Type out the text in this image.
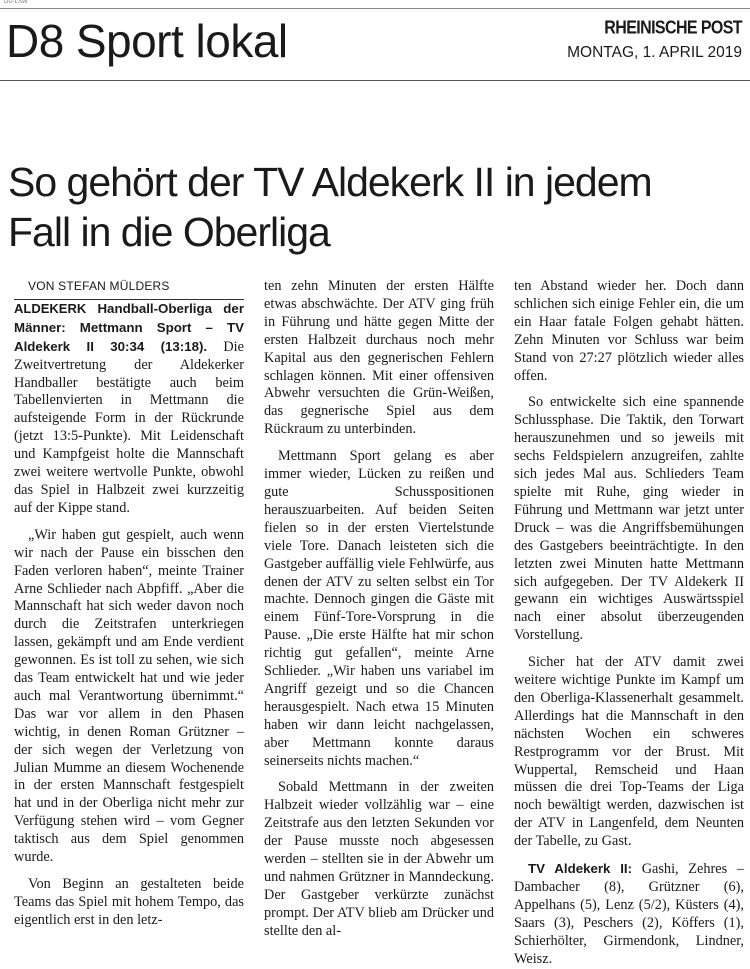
DÜ-LSW
D8 Sport lokal	RHEINISCHE POST
MONTAG, 1. APRIL 2019
So gehört der TV Aldekerk II in jedem Fall in die Oberliga

VON STEFAN MÜLDERS

ALDEKERK Handball-Oberliga der Männer: Mettmann Sport – TV Aldekerk II 30:34 (13:18). Die Zweitvertretung der Aldekerker Handballer bestätigte auch beim Tabellenvierten in Mettmann die aufsteigende Form in der Rückrunde (jetzt 13:5-Punkte). Mit Leidenschaft und Kampfgeist holte die Mannschaft zwei weitere wertvolle Punkte, obwohl das Spiel in Halbzeit zwei kurzzeitig auf der Kippe stand.

„Wir haben gut gespielt, auch wenn wir nach der Pause ein bisschen den Faden verloren haben“, meinte Trainer Arne Schlieder nach Abpfiff. „Aber die Mannschaft hat sich weder davon noch durch die Zeitstrafen unterkriegen lassen, gekämpft und am Ende verdient gewonnen. Es ist toll zu sehen, wie sich das Team entwickelt hat und wie jeder auch mal Verantwortung übernimmt.“ Das war vor allem in den Phasen wichtig, in denen Roman Grützner – der sich wegen der Verletzung von Julian Mumme an diesem Wochenende in der ersten Mannschaft festgespielt hat und in der Oberliga nicht mehr zur Verfügung stehen wird – vom Gegner taktisch aus dem Spiel genommen wurde.

Von Beginn an gestalteten beide Teams das Spiel mit hohem Tempo, das eigentlich erst in den letz-

ten zehn Minuten der ersten Hälfte etwas abschwächte. Der ATV ging früh in Führung und hätte gegen Mitte der ersten Halbzeit durchaus noch mehr Kapital aus den gegnerischen Fehlern schlagen können. Mit einer offensiven Abwehr versuchten die Grün-Weißen, das gegnerische Spiel aus dem Rückraum zu unterbinden.

Mettmann Sport gelang es aber immer wieder, Lücken zu reißen und gute Schusspositionen herauszuarbeiten. Auf beiden Seiten fielen so in der ersten Viertelstunde viele Tore. Danach leisteten sich die Gastgeber auffällig viele Fehlwürfe, aus denen der ATV zu selten selbst ein Tor machte. Dennoch gingen die Gäste mit einem Fünf-Tore-Vorsprung in die Pause. „Die erste Hälfte hat mir schon richtig gut gefallen“, meinte Arne Schlieder. „Wir haben uns variabel im Angriff gezeigt und so die Chancen herausgespielt. Nach etwa 15 Minuten haben wir dann leicht nachgelassen, aber Mettmann konnte daraus seinerseits nichts machen.“

Sobald Mettmann in der zweiten Halbzeit wieder vollzählig war – eine Zeitstrafe aus den letzten Sekunden vor der Pause musste noch abgesessen werden – stellten sie in der Abwehr um und nahmen Grützner in Manndeckung. Der Gastgeber verkürzte zunächst prompt. Der ATV blieb am Drücker und stellte den al-

ten Abstand wieder her. Doch dann schlichen sich einige Fehler ein, die um ein Haar fatale Folgen gehabt hätten. Zehn Minuten vor Schluss war beim Stand von 27:27 plötzlich wieder alles offen.

So entwickelte sich eine spannende Schlussphase. Die Taktik, den Torwart herauszunehmen und so jeweils mit sechs Feldspielern anzugreifen, zahlte sich jedes Mal aus. Schlieders Team spielte mit Ruhe, ging wieder in Führung und Mettmann war jetzt unter Druck – was die Angriffsbemühungen des Gastgebers beeinträchtigte. In den letzten zwei Minuten hatte Mettmann sich aufgegeben. Der TV Aldekerk II gewann ein wichtiges Auswärtsspiel nach einer absolut überzeugenden Vorstellung.

Sicher hat der ATV damit zwei weitere wichtige Punkte im Kampf um den Oberliga-Klassenerhalt gesammelt. Allerdings hat die Mannschaft in den nächsten Wochen ein schweres Restprogramm vor der Brust. Mit Wuppertal, Remscheid und Haan müssen die drei Top-Teams der Liga noch bewältigt werden, dazwischen ist der ATV in Langenfeld, dem Neunten der Tabelle, zu Gast.

TV Aldekerk II: Gashi, Zehres – Dambacher (8), Grützner (6), Appelhans (5), Lenz (5/2), Küsters (4), Saars (3), Peschers (2), Köffers (1), Schierhölter, Girmendonk, Lindner, Weisz.
